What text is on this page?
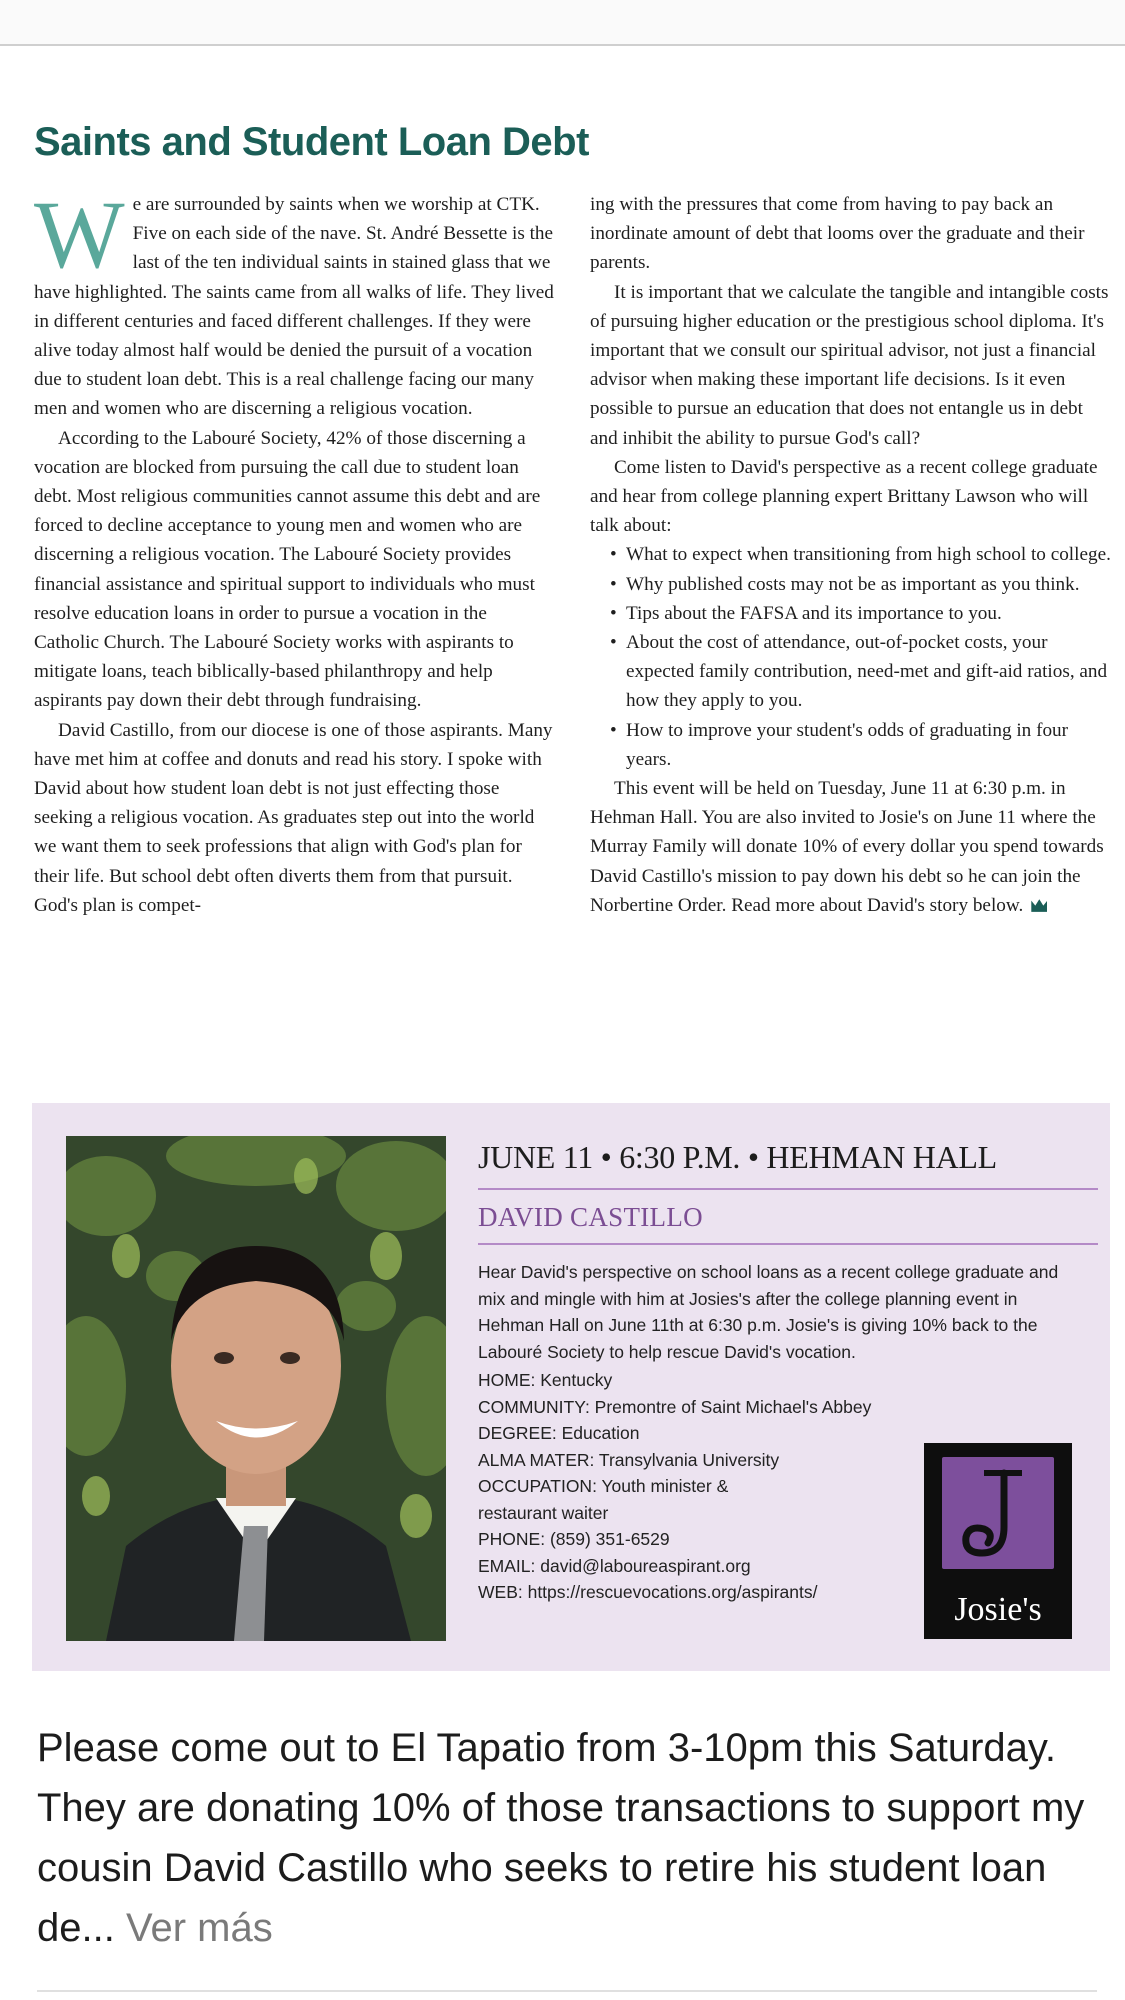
Saints and Student Loan Debt

We are surrounded by saints when we worship at CTK. Five on each side of the nave. St. André Bessette is the last of the ten individual saints in stained glass that we have highlighted. The saints came from all walks of life. They lived in different centuries and faced different challenges. If they were alive today almost half would be denied the pursuit of a vocation due to student loan debt. This is a real challenge facing our many men and women who are discerning a religious vocation.

According to the Labouré Society, 42% of those discerning a vocation are blocked from pursuing the call due to student loan debt. Most religious communities cannot assume this debt and are forced to decline acceptance to young men and women who are discerning a religious vocation. The Labouré Society provides financial assistance and spiritual support to individuals who must resolve education loans in order to pursue a vocation in the Catholic Church. The Labouré Society works with aspirants to mitigate loans, teach biblically-based philanthropy and help aspirants pay down their debt through fundraising.

David Castillo, from our diocese is one of those aspirants. Many have met him at coffee and donuts and read his story. I spoke with David about how student loan debt is not just effecting those seeking a religious vocation. As graduates step out into the world we want them to seek professions that align with God's plan for their life. But school debt often diverts them from that pursuit. God's plan is compet-

ing with the pressures that come from having to pay back an inordinate amount of debt that looms over the graduate and their parents.

It is important that we calculate the tangible and intangible costs of pursuing higher education or the prestigious school diploma. It's important that we consult our spiritual advisor, not just a financial advisor when making these important life decisions. Is it even possible to pursue an education that does not entangle us in debt and inhibit the ability to pursue God's call?

Come listen to David's perspective as a recent college graduate and hear from college planning expert Brittany Lawson who will talk about:

• What to expect when transitioning from high school to college.
• Why published costs may not be as important as you think.
• Tips about the FAFSA and its importance to you.
• About the cost of attendance, out-of-pocket costs, your expected family contribution, need-met and gift-aid ratios, and how they apply to you.
• How to improve your student's odds of graduating in four years.

This event will be held on Tuesday, June 11 at 6:30 p.m. in Hehman Hall. You are also invited to Josie's on June 11 where the Murray Family will donate 10% of every dollar you spend towards David Castillo's mission to pay down his debt so he can join the Norbertine Order. Read more about David's story below.

JUNE 11 • 6:30 P.M. • HEHMAN HALL
DAVID CASTILLO
Hear David's perspective on school loans as a recent college graduate and mix and mingle with him at Josies's after the college planning event in Hehman Hall on June 11th at 6:30 p.m. Josie's is giving 10% back to the Labouré Society to help rescue David's vocation.
HOME: Kentucky
COMMUNITY: Premontre of Saint Michael's Abbey
DEGREE: Education
ALMA MATER: Transylvania University
OCCUPATION: Youth minister & restaurant waiter
PHONE: (859) 351-6529
EMAIL: david@laboureaspirant.org
WEB: https://rescuevocations.org/aspirants/	Josie's
Please come out to El Tapatio from 3-10pm this Saturday. They are donating 10% of those transactions to support my cousin David Castillo who seeks to retire his student loan de... Ver más
